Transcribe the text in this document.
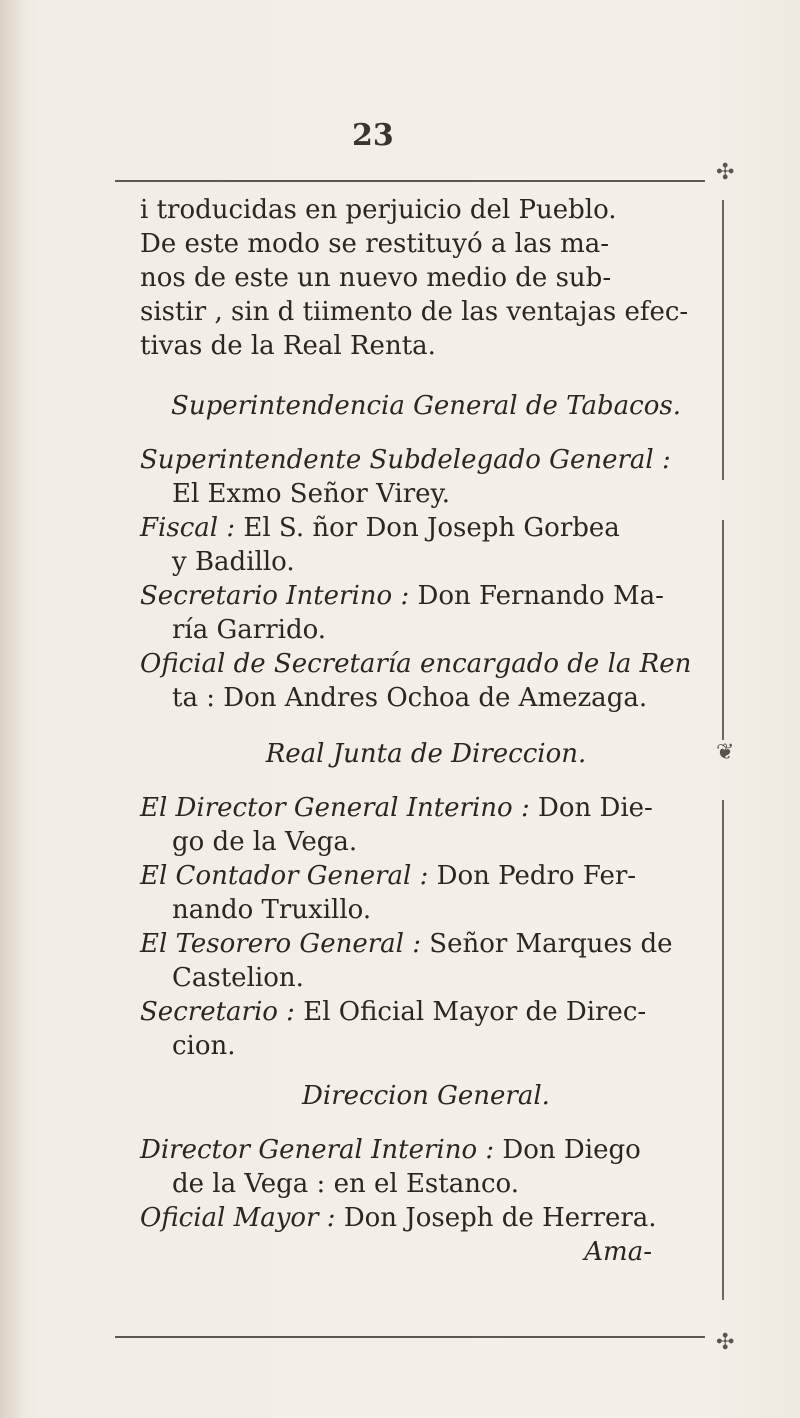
23
i troducidas en perjuicio del Pueblo.
De este modo se restituyó a las ma-
nos de este un nuevo medio de sub-
sistir , sin d tiimento de las ventajas efec-
tivas de la Real Renta.
Superintendencia General de Tabacos.
Superintendente Subdelegado General :
El Exmo Señor Virey.
Fiscal : El S. ñor Don Joseph Gorbea
y Badillo.
Secretario Interino : Don Fernando Ma-
ría Garrido.
Oficial de Secretaría encargado de la Ren
ta : Don Andres Ochoa de Amezaga.
Real Junta de Direccion.
El Director General Interino : Don Die-
go de la Vega.
El Contador General : Don Pedro Fer-
nando Truxillo.
El Tesorero General : Señor Marques de
Castelion.
Secretario : El Oficial Mayor de Direc-
cion.
Direccion General.
Director General Interino : Don Diego
de la Vega : en el Estanco.
Oficial Mayor : Don Joseph de Herrera.
Ama-
✣
❦
✣
